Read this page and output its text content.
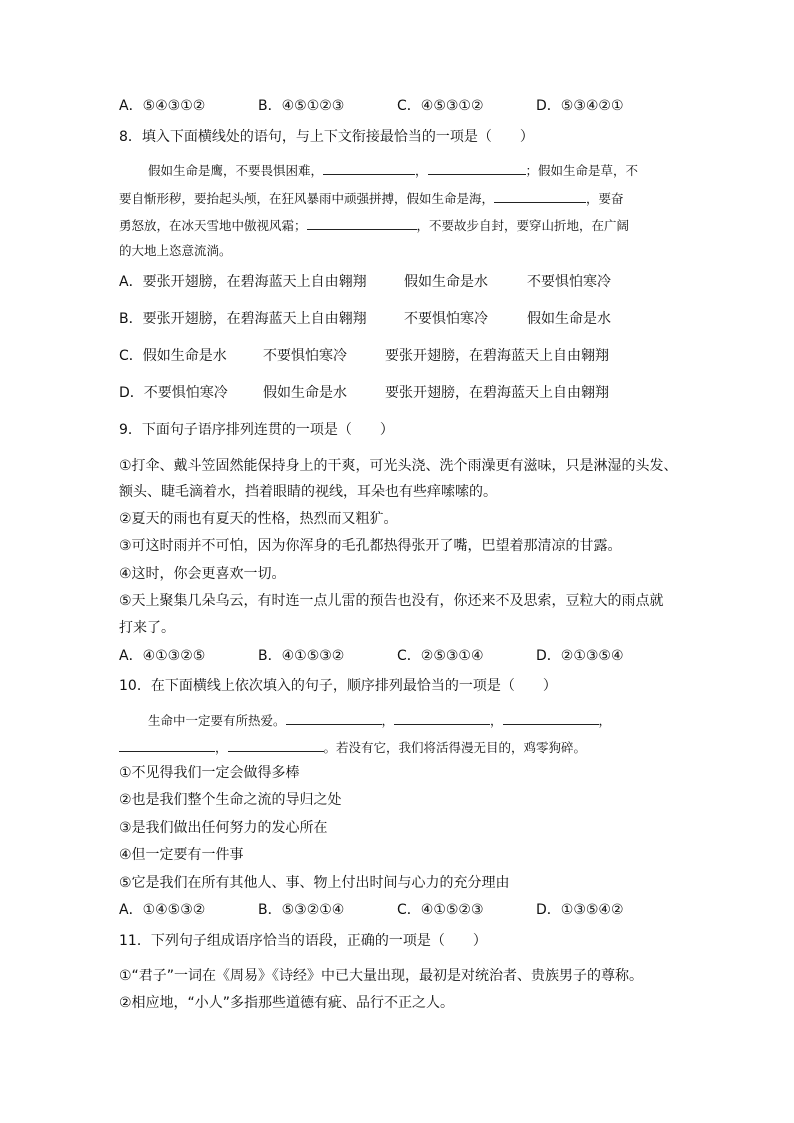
A．⑤④③①②	B．④⑤①②③	C．④⑤③①②	D．⑤③④②①
8．填入下面横线处的语句，与上下文衔接最恰当的一项是（　　）
假如生命是鹰，不要畏惧困难，	，	；假如生命是草，不
要自惭形秽，要抬起头颅，在狂风暴雨中顽强拼搏，假如生命是海，	，要奋
勇怒放，在冰天雪地中傲视风霜；	，不要故步自封，要穿山折地，在广阔
的大地上恣意流淌。
A．要张开翅膀，在碧海蓝天上自由翱翔	假如生命是水	不要惧怕寒冷
B．要张开翅膀，在碧海蓝天上自由翱翔	不要惧怕寒冷	假如生命是水
C．假如生命是水	不要惧怕寒冷	要张开翅膀，在碧海蓝天上自由翱翔
D．不要惧怕寒冷	假如生命是水	要张开翅膀，在碧海蓝天上自由翱翔
9．下面句子语序排列连贯的一项是（　　）
①打伞、戴斗笠固然能保持身上的干爽，可光头浇、洗个雨澡更有滋味，只是淋湿的头发、
额头、睫毛滴着水，挡着眼睛的视线，耳朵也有些痒嗦嗦的。
②夏天的雨也有夏天的性格，热烈而又粗犷。
③可这时雨并不可怕，因为你浑身的毛孔都热得张开了嘴，巴望着那清凉的甘露。
④这时，你会更喜欢一切。
⑤天上聚集几朵乌云，有时连一点儿雷的预告也没有，你还来不及思索，豆粒大的雨点就
打来了。
A．④①③②⑤	B．④①⑤③②	C．②⑤③①④	D．②①③⑤④
10．在下面横线上依次填入的句子，顺序排列最恰当的一项是（　　）
生命中一定要有所热爱。	，	，	，
，	。若没有它，我们将活得漫无目的，鸡零狗碎。
①不见得我们一定会做得多棒
②也是我们整个生命之流的导归之处
③是我们做出任何努力的发心所在
④但一定要有一件事
⑤它是我们在所有其他人、事、物上付出时间与心力的充分理由
A．①④⑤③②	B．⑤③②①④	C．④①⑤②③	D．①③⑤④②
11．下列句子组成语序恰当的语段，正确的一项是（　　）
①“君子”一词在《周易》《诗经》中已大量出现，最初是对统治者、贵族男子的尊称。
②相应地，“小人”多指那些道德有疵、品行不正之人。
